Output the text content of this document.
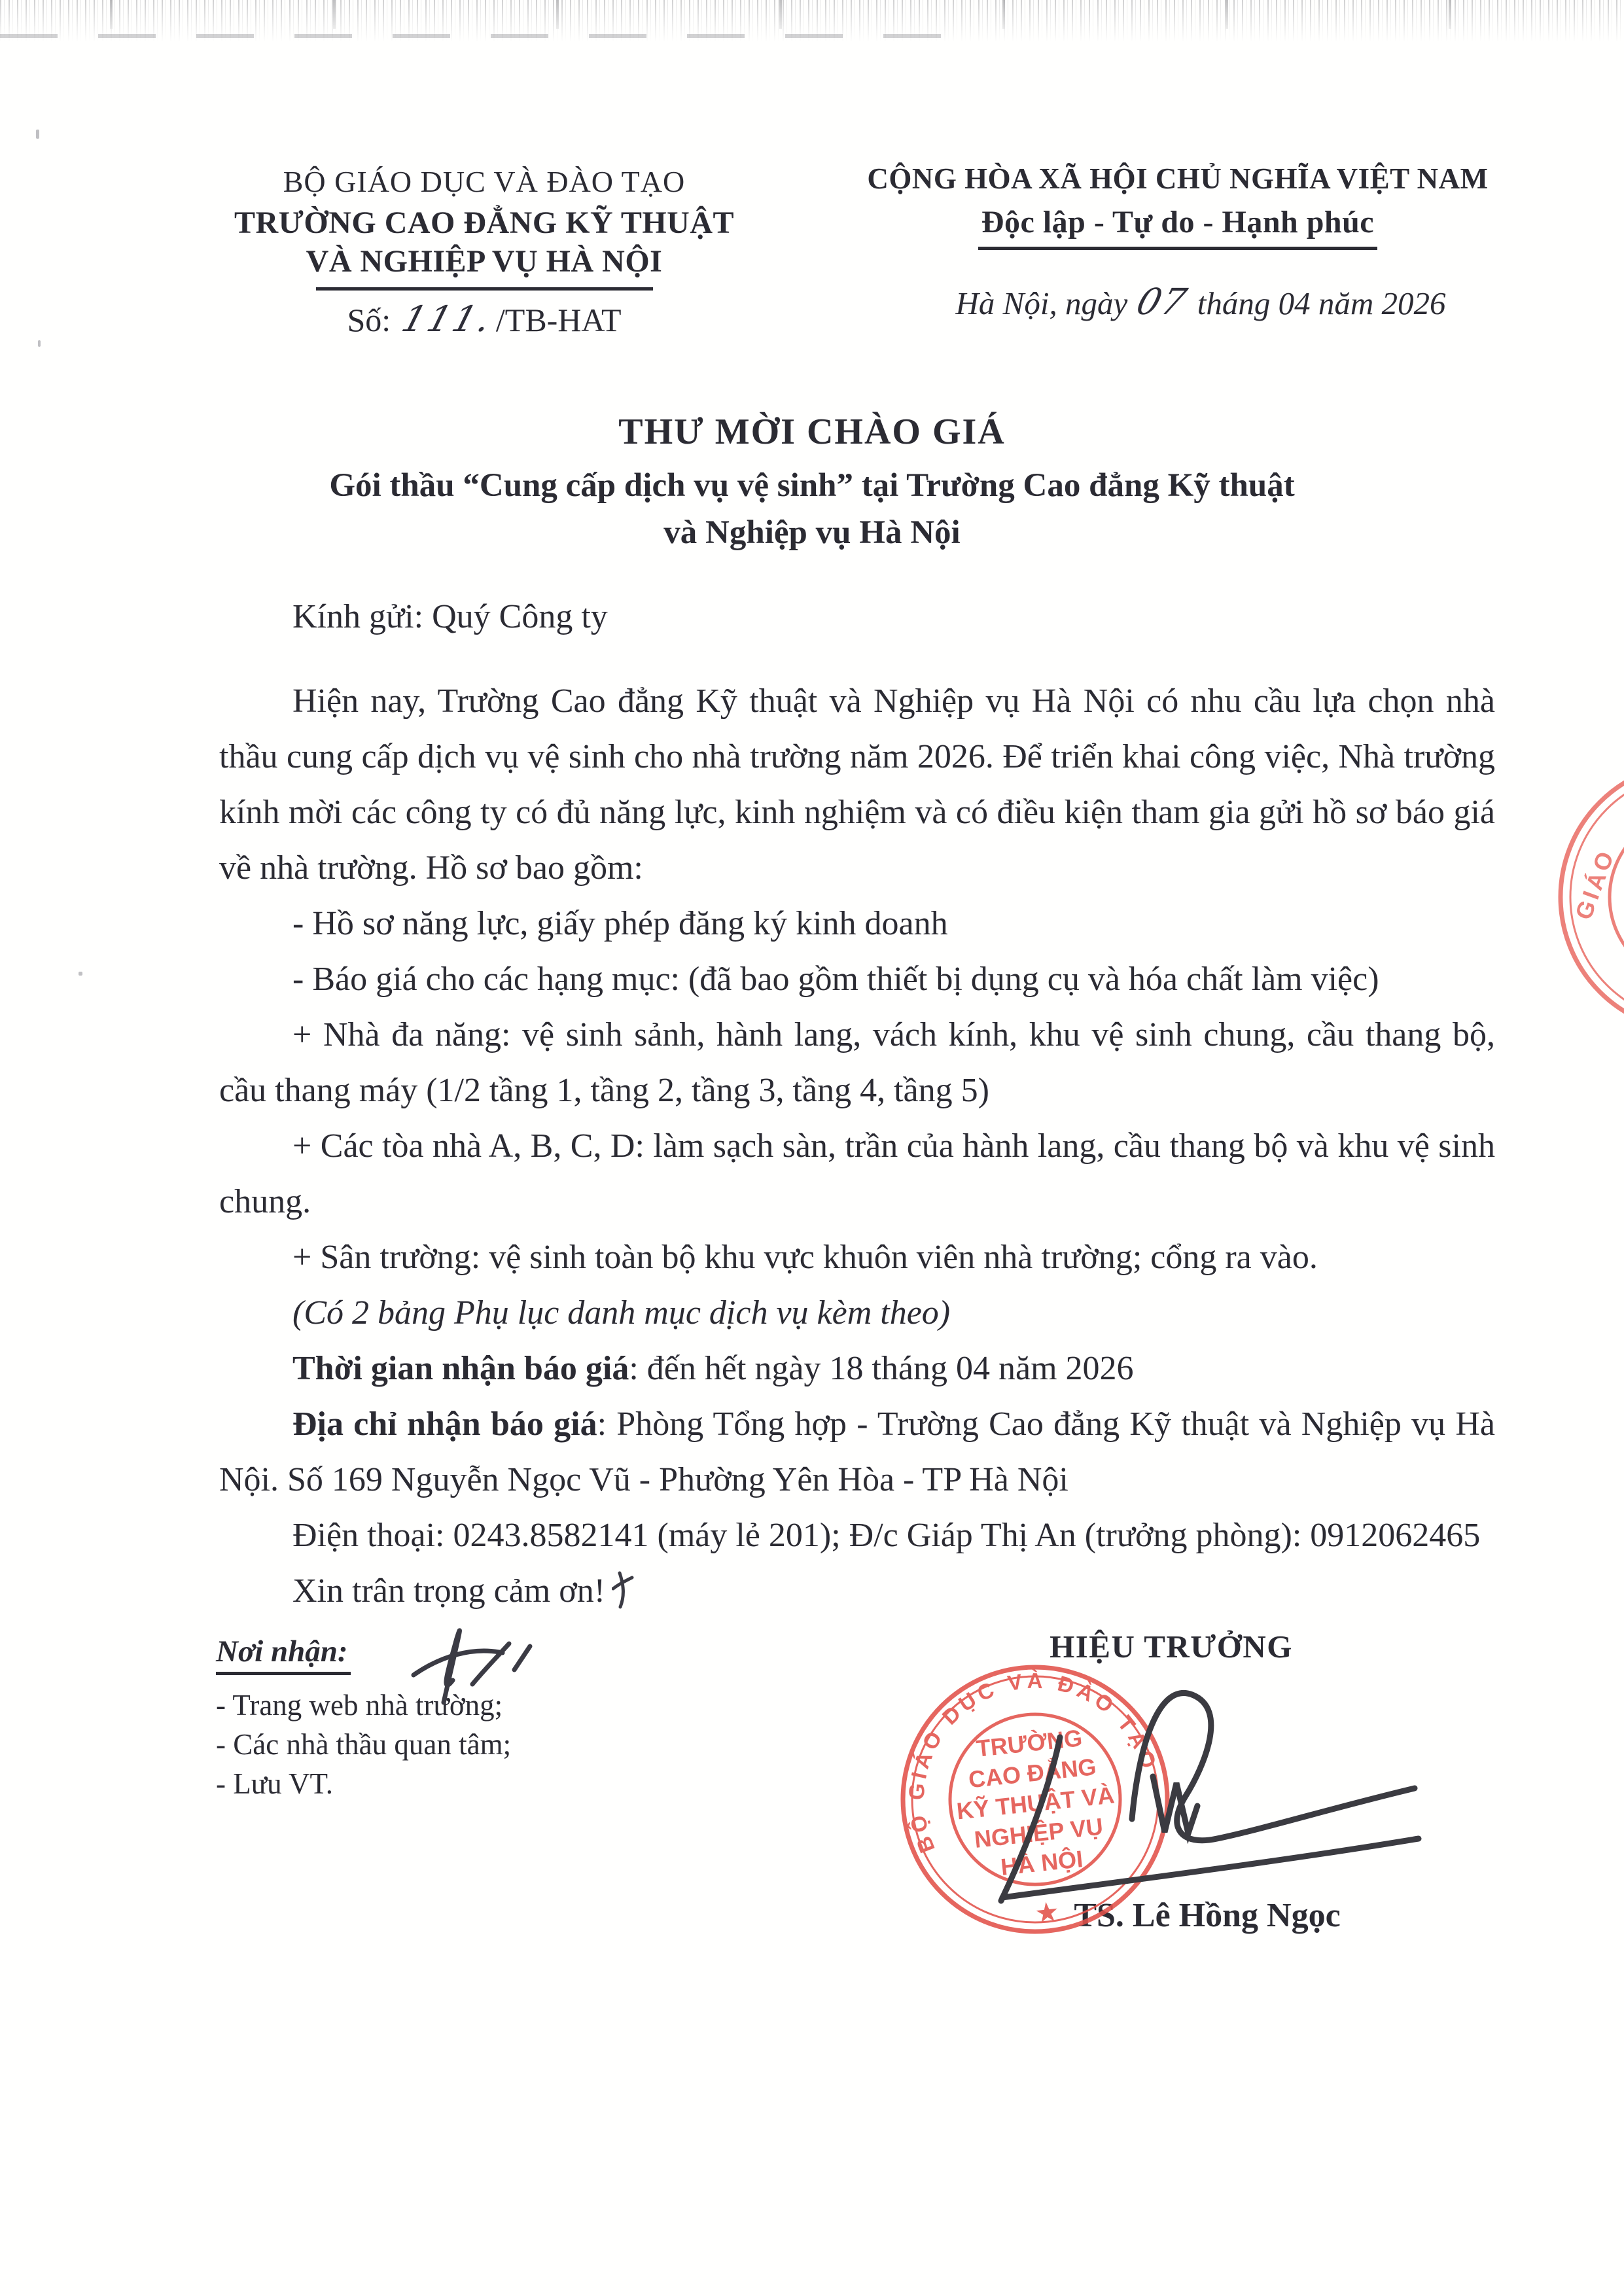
BỘ GIÁO DỤC VÀ ĐÀO TẠO
TRƯỜNG CAO ĐẲNG KỸ THUẬT
VÀ NGHIỆP VỤ HÀ NỘI
Số: 111./TB-HAT
CỘNG HÒA XÃ HỘI CHỦ NGHĨA VIỆT NAM
Độc lập - Tự do - Hạnh phúc
Hà Nội, ngày 07 tháng 04 năm 2026
THƯ MỜI CHÀO GIÁ
Gói thầu “Cung cấp dịch vụ vệ sinh” tại Trường Cao đẳng Kỹ thuật
và Nghiệp vụ Hà Nội

Kính gửi: Quý Công ty

Hiện nay, Trường Cao đẳng Kỹ thuật và Nghiệp vụ Hà Nội có nhu cầu lựa chọn nhà thầu cung cấp dịch vụ vệ sinh cho nhà trường năm 2026. Để triển khai công việc, Nhà trường kính mời các công ty có đủ năng lực, kinh nghiệm và có điều kiện tham gia gửi hồ sơ báo giá về nhà trường. Hồ sơ bao gồm:

- Hồ sơ năng lực, giấy phép đăng ký kinh doanh

- Báo giá cho các hạng mục: (đã bao gồm thiết bị dụng cụ và hóa chất làm việc)

+ Nhà đa năng: vệ sinh sảnh, hành lang, vách kính, khu vệ sinh chung, cầu thang bộ, cầu thang máy (1/2 tầng 1, tầng 2, tầng 3, tầng 4, tầng 5)

+ Các tòa nhà A, B, C, D: làm sạch sàn, trần của hành lang, cầu thang bộ và khu vệ sinh chung.

+ Sân trường: vệ sinh toàn bộ khu vực khuôn viên nhà trường; cổng ra vào.

(Có 2 bảng Phụ lục danh mục dịch vụ kèm theo)

Thời gian nhận báo giá: đến hết ngày 18 tháng 04 năm 2026

Địa chỉ nhận báo giá: Phòng Tổng hợp - Trường Cao đẳng Kỹ thuật và Nghiệp vụ Hà Nội. Số 169 Nguyễn Ngọc Vũ - Phường Yên Hòa - TP Hà Nội

Điện thoại: 0243.8582141 (máy lẻ 201); Đ/c Giáp Thị An (trưởng phòng): 0912062465

Xin trân trọng cảm ơn!

Nơi nhận:
- Trang web nhà trường;
- Các nhà thầu quan tâm;
- Lưu VT.
HIỆU TRƯỞNG
TS. Lê Hồng Ngọc
BỘ GIÁO DỤC VÀ ĐÀO TẠO
TRƯỜNG
CAO ĐẲNG
KỸ THUẬT VÀ
NGHIỆP VỤ
HÀ NỘI
★
GIÁO
